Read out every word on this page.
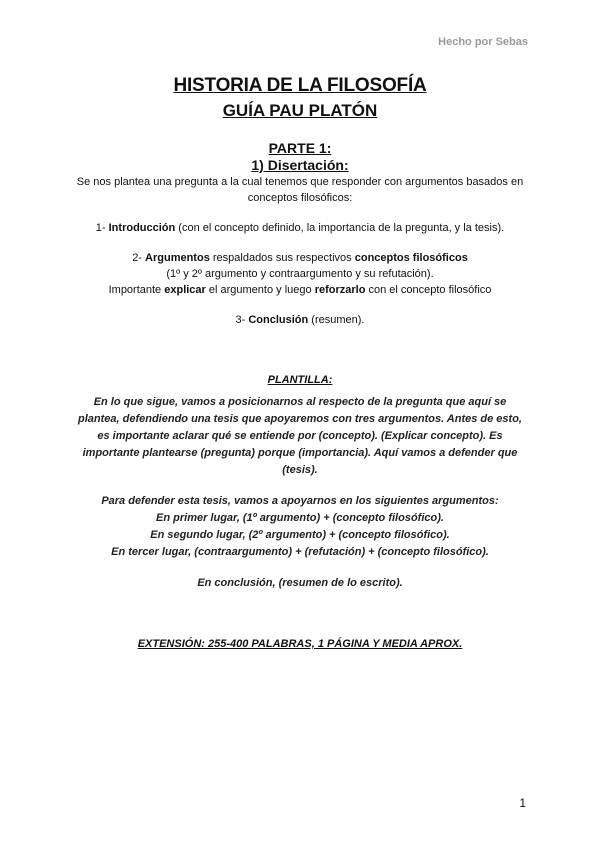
Hecho por Sebas
HISTORIA DE LA FILOSOFÍA
GUÍA PAU PLATÓN
PARTE 1:
1) Disertación:

Se nos plantea una pregunta a la cual tenemos que responder con argumentos basados en

conceptos filosóficos:

1- Introducción (con el concepto definido, la importancia de la pregunta, y la tesis).

2- Argumentos respaldados sus respectivos conceptos filosóficos

(1º y 2º argumento y contraargumento y su refutación).

Importante explicar el argumento y luego reforzarlo con el concepto filosófico

3- Conclusión (resumen).

PLANTILLA:

En lo que sigue, vamos a posicionarnos al respecto de la pregunta que aquí se

plantea, defendiendo una tesis que apoyaremos con tres argumentos. Antes de esto,

es importante aclarar qué se entiende por (concepto). (Explicar concepto). Es

importante plantearse (pregunta) porque (importancia). Aquí vamos a defender que

(tesis).

Para defender esta tesis, vamos a apoyarnos en los siguientes argumentos:

En primer lugar, (1º argumento) + (concepto filosófico).

En segundo lugar, (2º argumento) + (concepto filosófico).

En tercer lugar, (contraargumento) + (refutación) + (concepto filosófico).

En conclusión, (resumen de lo escrito).

EXTENSIÓN: 255-400 PALABRAS, 1 PÁGINA Y MEDIA APROX.
1
